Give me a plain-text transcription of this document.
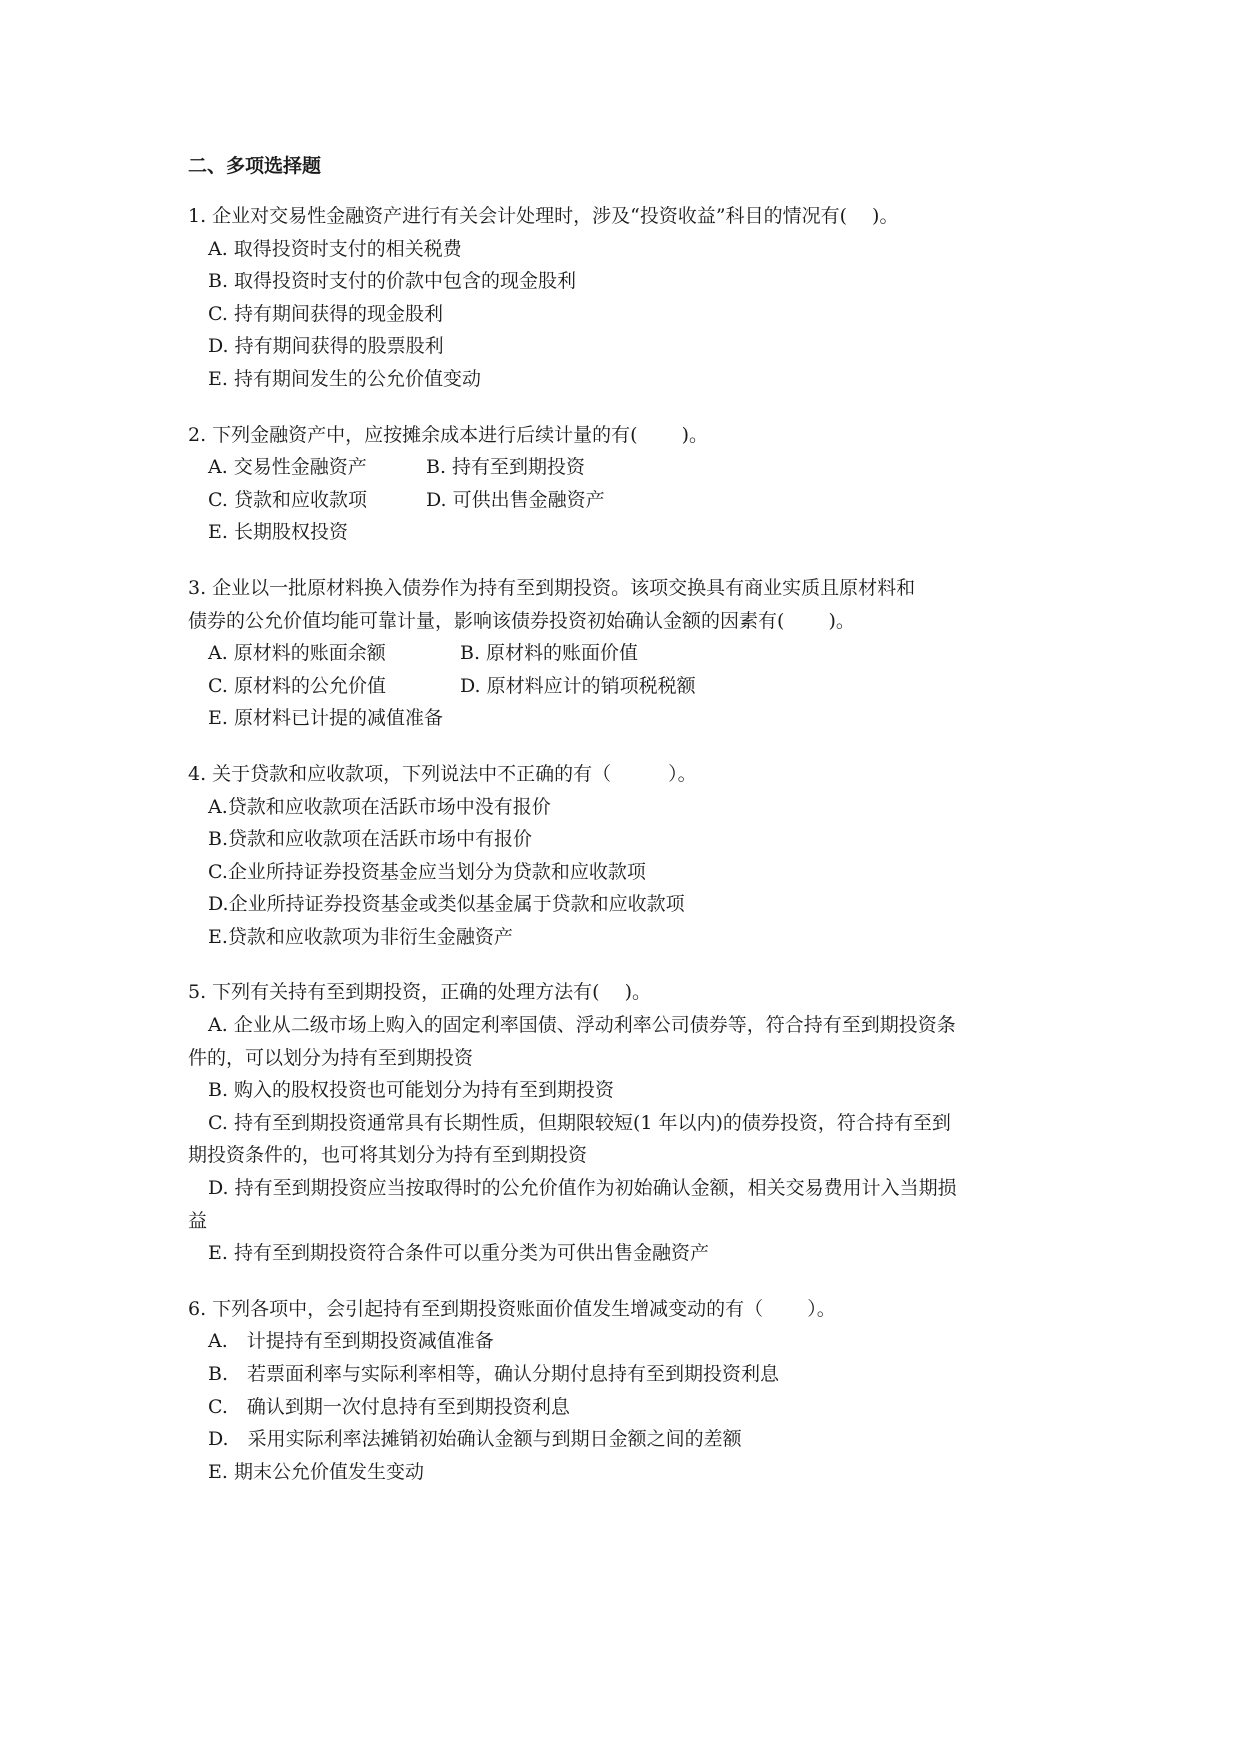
二、多项选择题
1. 企业对交易性金融资产进行有关会计处理时，涉及“投资收益”科目的情况有(　 )。
A. 取得投资时支付的相关税费
B. 取得投资时支付的价款中包含的现金股利
C. 持有期间获得的现金股利
D. 持有期间获得的股票股利
E. 持有期间发生的公允价值变动
2. 下列金融资产中，应按摊余成本进行后续计量的有(　　 )。
A. 交易性金融资产	B. 持有至到期投资
C. 贷款和应收款项	D. 可供出售金融资产
E. 长期股权投资
3. 企业以一批原材料换入债券作为持有至到期投资。该项交换具有商业实质且原材料和
债券的公允价值均能可靠计量，影响该债券投资初始确认金额的因素有(　　 )。
A. 原材料的账面余额	B. 原材料的账面价值
C. 原材料的公允价值	D. 原材料应计的销项税税额
E. 原材料已计提的减值准备
4. 关于贷款和应收款项，下列说法中不正确的有（　　　）。
A.贷款和应收款项在活跃市场中没有报价
B.贷款和应收款项在活跃市场中有报价
C.企业所持证券投资基金应当划分为贷款和应收款项
D.企业所持证券投资基金或类似基金属于贷款和应收款项
E.贷款和应收款项为非衍生金融资产
5. 下列有关持有至到期投资，正确的处理方法有(　 )。
A. 企业从二级市场上购入的固定利率国债、浮动利率公司债券等，符合持有至到期投资条
件的，可以划分为持有至到期投资
B. 购入的股权投资也可能划分为持有至到期投资
C. 持有至到期投资通常具有长期性质，但期限较短(1 年以内)的债券投资，符合持有至到
期投资条件的，也可将其划分为持有至到期投资
D. 持有至到期投资应当按取得时的公允价值作为初始确认金额，相关交易费用计入当期损
益
E. 持有至到期投资符合条件可以重分类为可供出售金融资产
6. 下列各项中，会引起持有至到期投资账面价值发生增减变动的有（　　 ）。
A.　计提持有至到期投资减值准备
B.　若票面利率与实际利率相等，确认分期付息持有至到期投资利息
C.　确认到期一次付息持有至到期投资利息
D.　采用实际利率法摊销初始确认金额与到期日金额之间的差额
E. 期末公允价值发生变动
